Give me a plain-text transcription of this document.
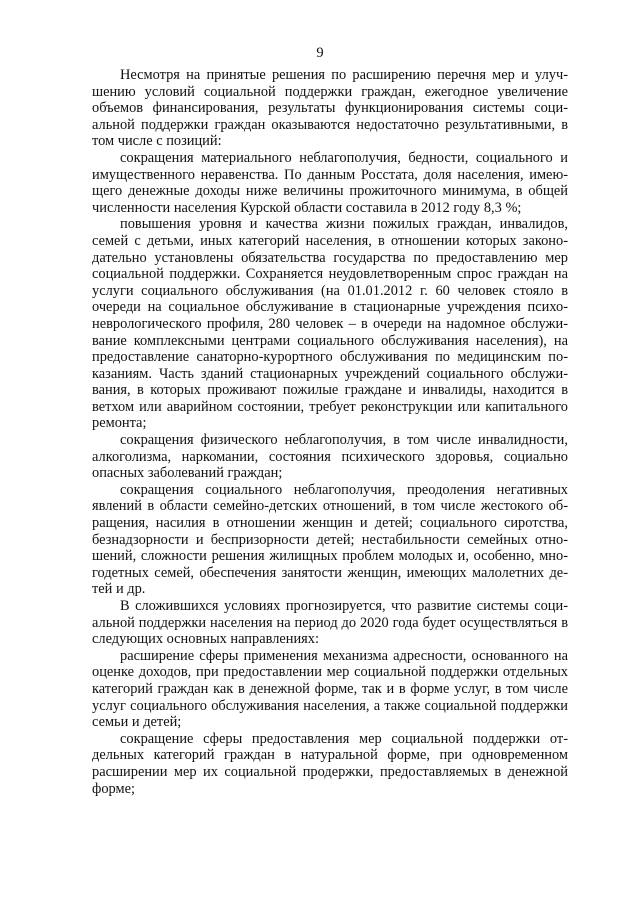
9

Несмотря на принятые решения по расширению перечня мер и улучшению условий социальной поддержки граждан, ежегодное увеличение объемов финансирования, результаты функционирования системы социальной поддержки граждан оказываются недостаточно результативными, в том числе с позиций:

сокращения материального неблагополучия, бедности, социального и имущественного неравенства. По данным Росстата, доля населения, имеющего денежные доходы ниже величины прожиточного минимума, в общей численности населения Курской области составила в 2012 году 8,3 %;

повышения уровня и качества жизни пожилых граждан, инвалидов, семей с детьми, иных категорий населения, в отношении которых законодательно установлены обязательства государства по предоставлению мер социальной поддержки. Сохраняется неудовлетворенным спрос граждан на услуги социального обслуживания (на 01.01.2012 г. 60 человек стояло в очереди на социальное обслуживание в стационарные учреждения психоневрологического профиля, 280 человек – в очереди на надомное обслуживание комплексными центрами социального обслуживания населения), на предоставление санаторно-курортного обслуживания по медицинским показаниям. Часть зданий стационарных учреждений социального обслуживания, в которых проживают пожилые граждане и инвалиды, находится в ветхом или аварийном состоянии, требует реконструкции или капитального ремонта;

сокращения физического неблагополучия, в том числе инвалидности, алкоголизма, наркомании, состояния психического здоровья, социально опасных заболеваний граждан;

сокращения социального неблагополучия, преодоления негативных явлений в области семейно-детских отношений, в том числе жестокого обращения, насилия в отношении женщин и детей; социального сиротства, безнадзорности и беспризорности детей; нестабильности семейных отношений, сложности решения жилищных проблем молодых и, особенно, многодетных семей, обеспечения занятости женщин, имеющих малолетних детей и др.

В сложившихся условиях прогнозируется, что развитие системы социальной поддержки населения на период до 2020 года будет осуществляться в следующих основных направлениях:

расширение сферы применения механизма адресности, основанного на оценке доходов, при предоставлении мер социальной поддержки отдельных категорий граждан как в денежной форме, так и в форме услуг, в том числе услуг социального обслуживания населения, а также социальной поддержки семьи и детей;

сокращение сферы предоставления мер социальной поддержки отдельных категорий граждан в натуральной форме, при одновременном расширении мер их социальной продержки, предоставляемых в денежной форме;
